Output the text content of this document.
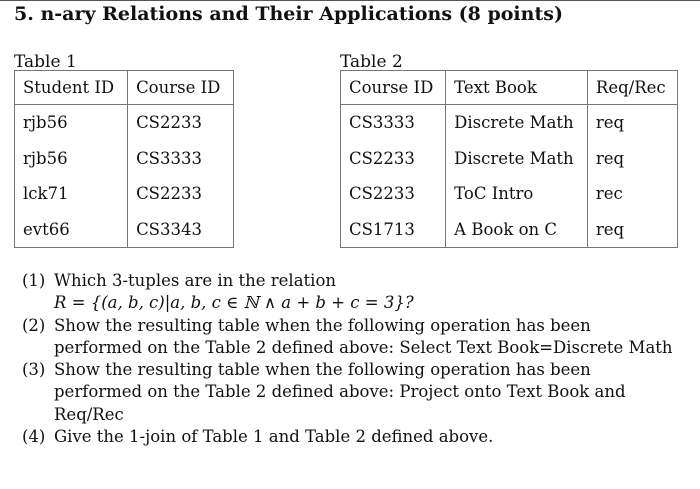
5. n-ary Relations and Their Applications (8 points)
Table 1
Student ID	Course ID
rjb56	CS2233
rjb56	CS3333
lck71	CS2233
evt66	CS3343
Table 2
Course ID	Text Book	Req/Rec
CS3333	Discrete Math	req
CS2233	Discrete Math	req
CS2233	ToC Intro	rec
CS1713	A Book on C	req
(1) Which 3-tuples are in the relation
R = {(a, b, c)|a, b, c ∈ ℕ ∧ a + b + c = 3}?
(2) Show the resulting table when the following operation has been performed on the Table 2 defined above: Select Text Book=Discrete Math
(3) Show the resulting table when the following operation has been performed on the Table 2 defined above: Project onto Text Book and Req/Rec
(4) Give the 1-join of Table 1 and Table 2 defined above.
